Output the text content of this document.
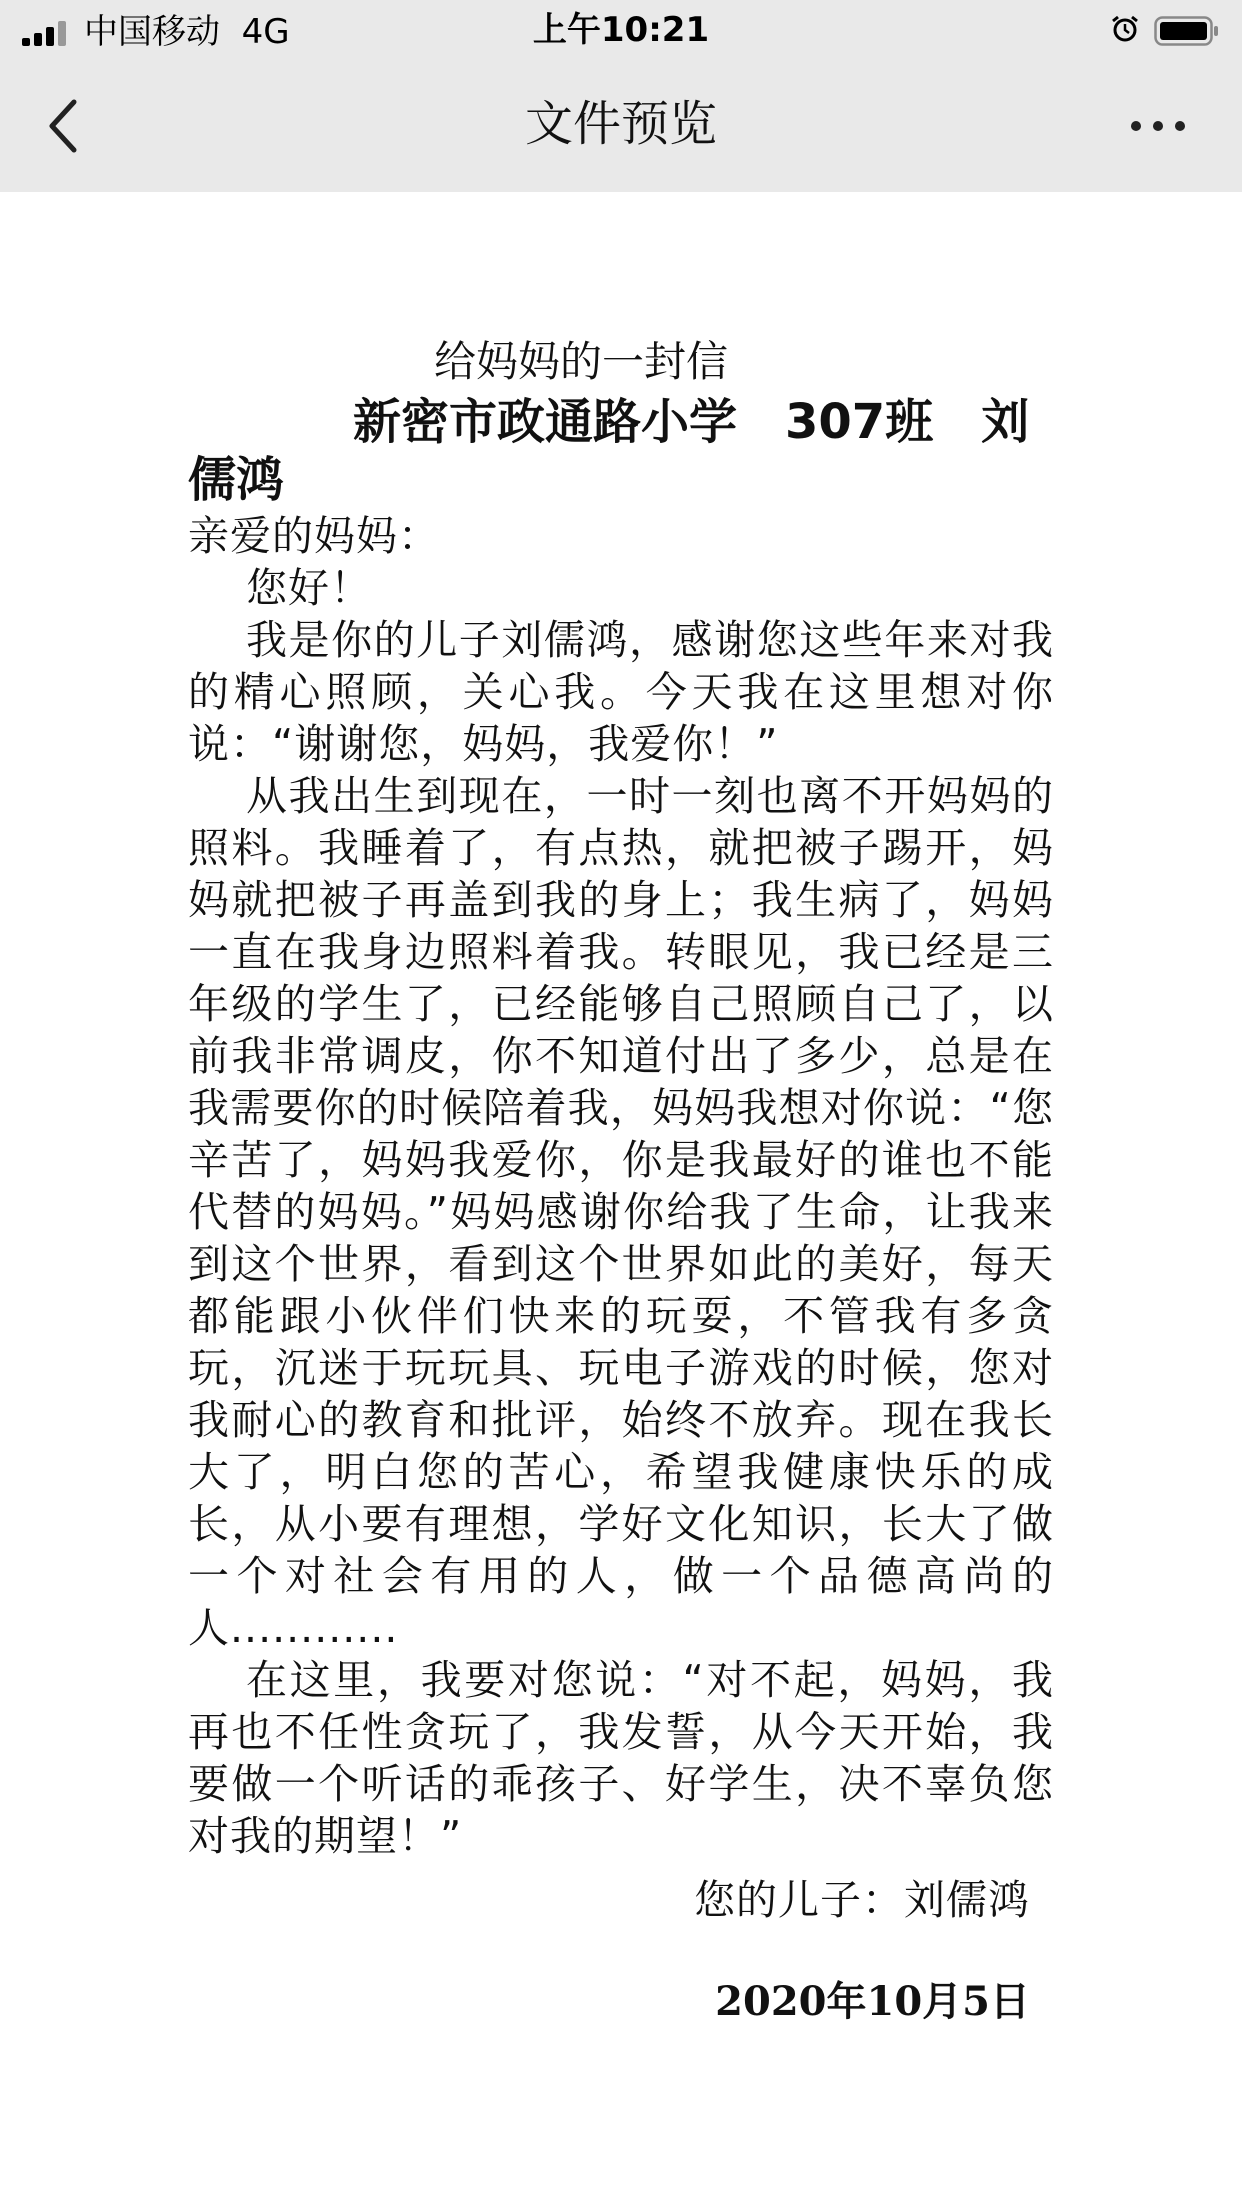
中国移动 4G	上午10:21
文件预览
给妈妈的一封信
新密市政通路小学　307班　刘
儒鸿
亲爱的妈妈：
您好！

我是你的儿子刘儒鸿，感谢您这些年来对我的精心照顾，关心我。今天我在这里想对你说：“谢谢您，妈妈，我爱你！”

从我出生到现在，一时一刻也离不开妈妈的照料。我睡着了，有点热，就把被子踢开，妈妈就把被子再盖到我的身上；我生病了，妈妈一直在我身边照料着我。转眼见，我已经是三年级的学生了，已经能够自己照顾自己了，以前我非常调皮，你不知道付出了多少，总是在我需要你的时候陪着我，妈妈我想对你说：“您辛苦了，妈妈我爱你，你是我最好的谁也不能代替的妈妈。”妈妈感谢你给我了生命，让我来到这个世界，看到这个世界如此的美好，每天都能跟小伙伴们快来的玩耍，不管我有多贪玩，沉迷于玩玩具、玩电子游戏的时候，您对我耐心的教育和批评，始终不放弃。现在我长大了，明白您的苦心，希望我健康快乐的成长，从小要有理想，学好文化知识，长大了做一个对社会有用的人，做一个品德高尚的人............

在这里，我要对您说：“对不起，妈妈，我再也不任性贪玩了，我发誓，从今天开始，我要做一个听话的乖孩子、好学生，决不辜负您对我的期望！”

您的儿子：刘儒鸿
2020年10月5日
